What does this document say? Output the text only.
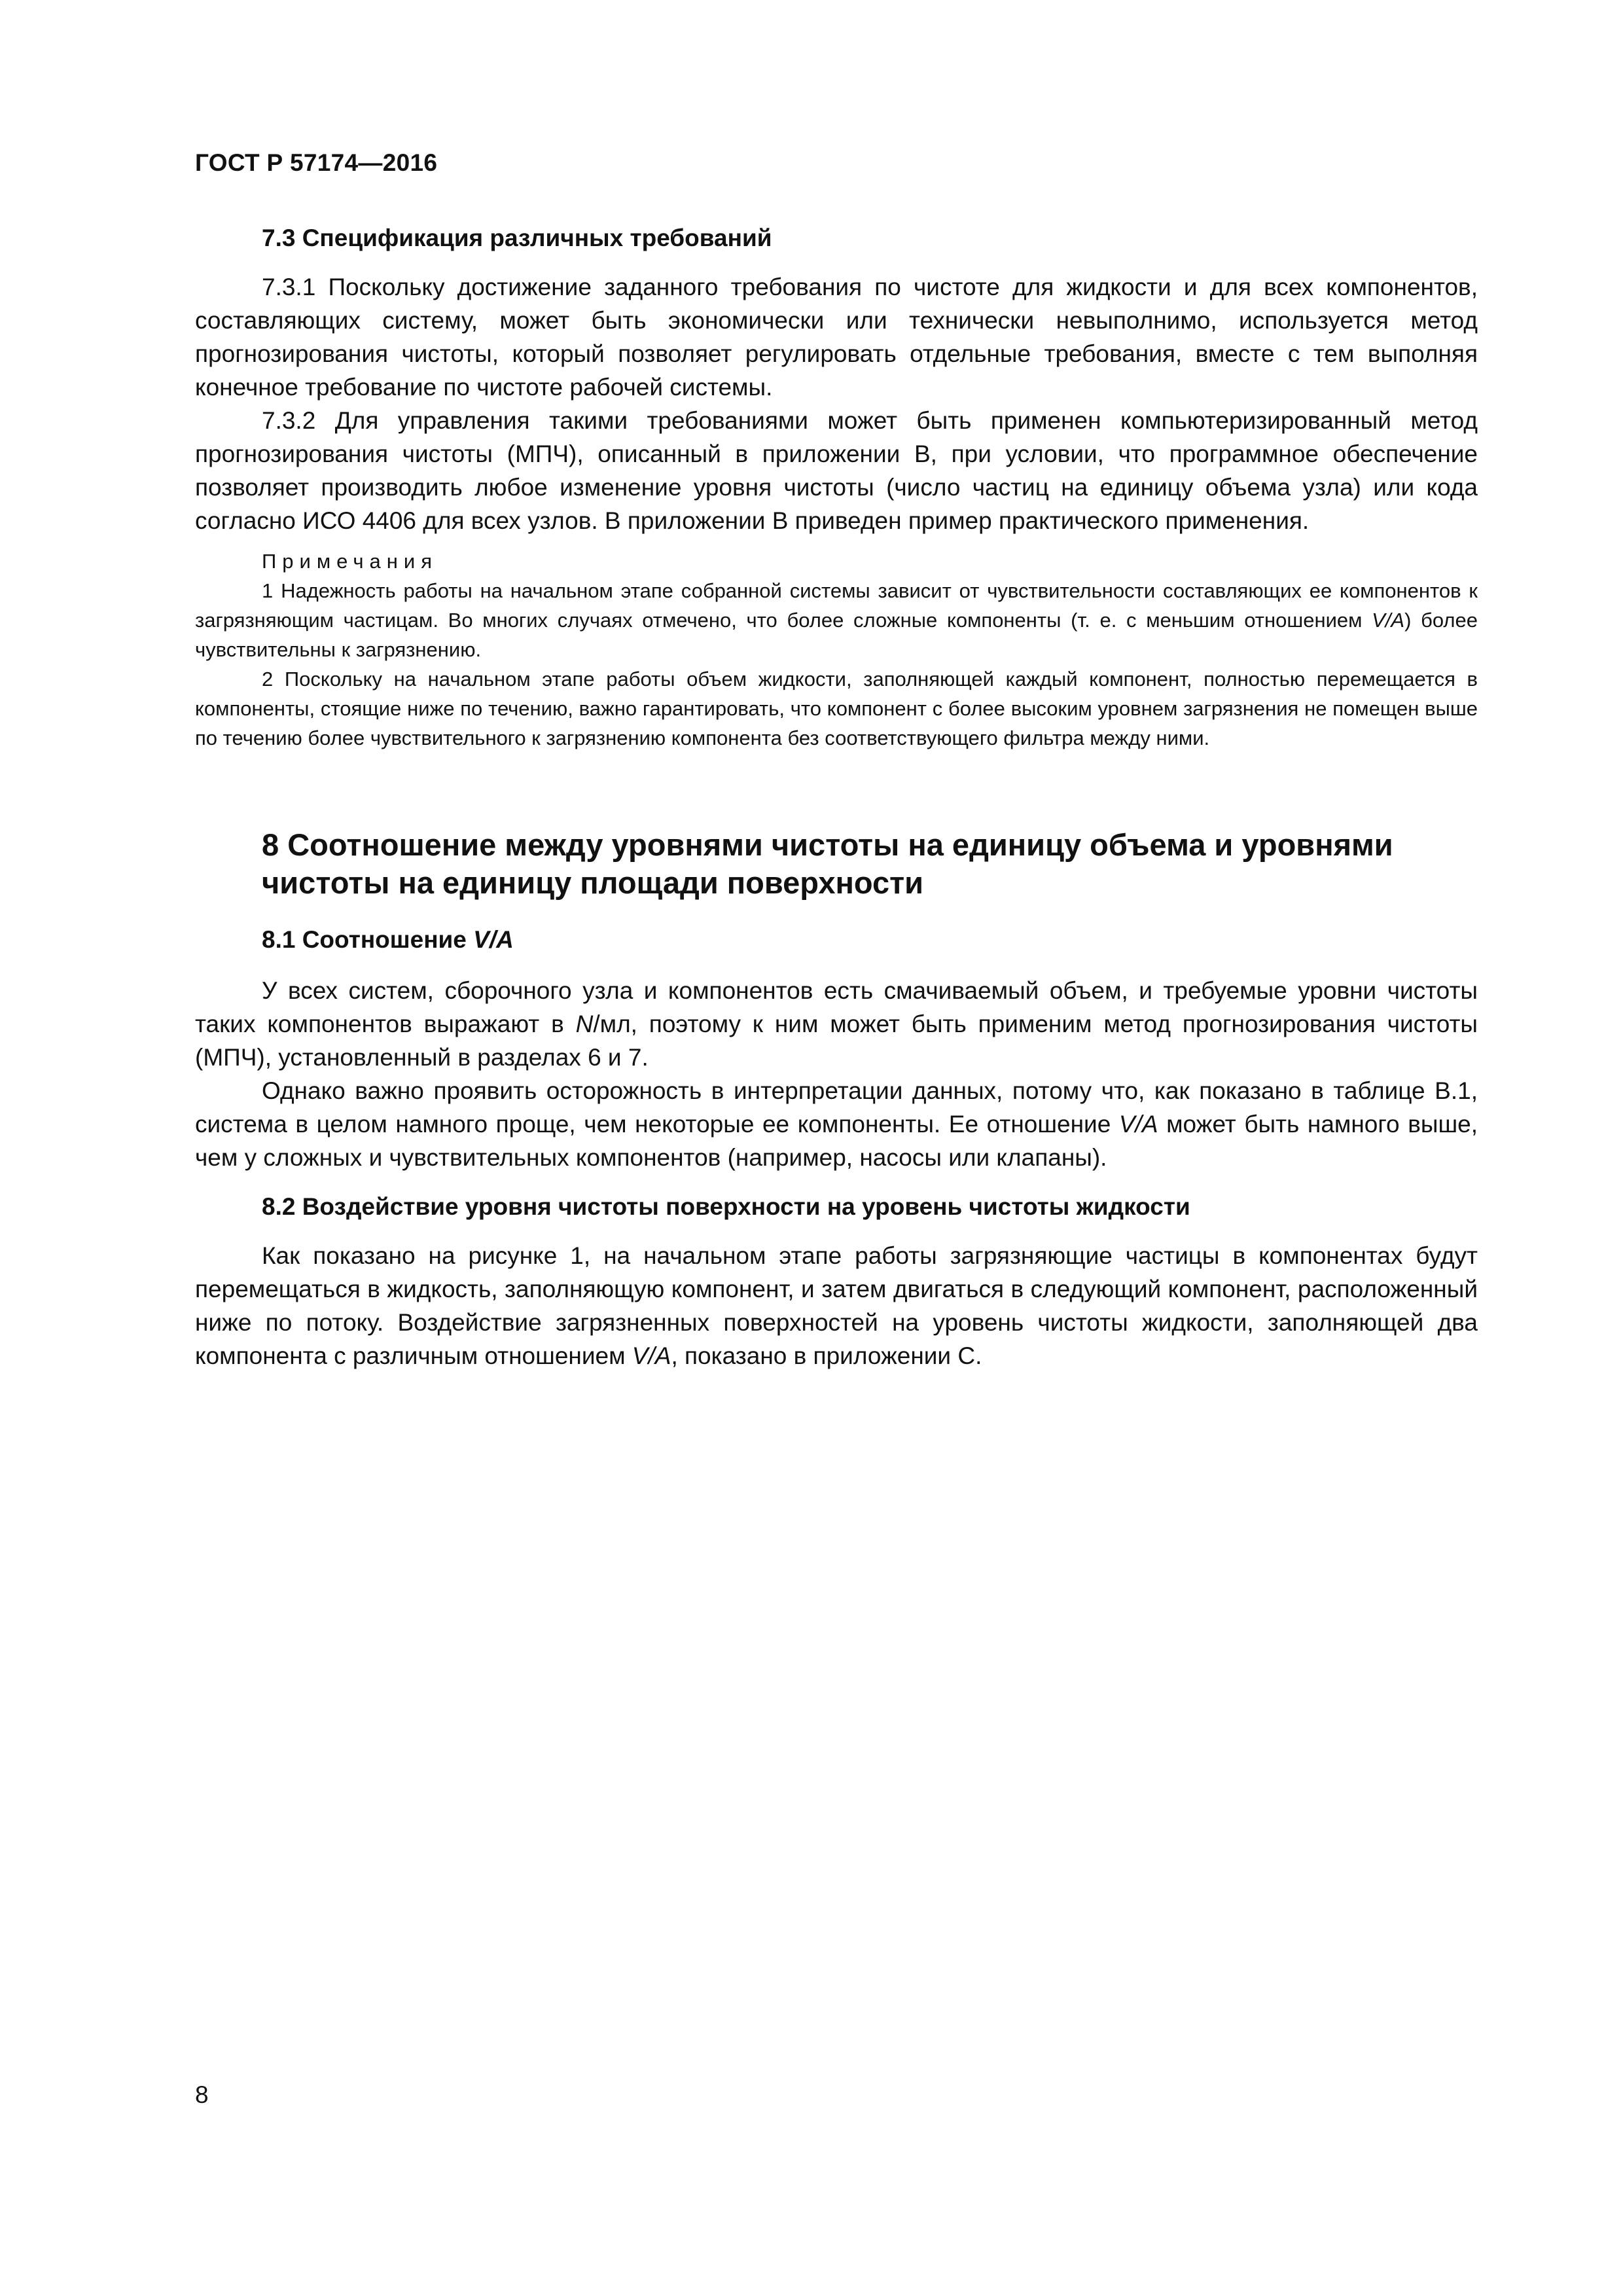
ГОСТ Р 57174—2016
7.3 Спецификация различных требований

7.3.1 Поскольку достижение заданного требования по чистоте для жидкости и для всех компонентов, составляющих систему, может быть экономически или технически невыполнимо, используется метод прогнозирования чистоты, который позволяет регулировать отдельные требования, вместе с тем выполняя конечное требование по чистоте рабочей системы.

7.3.2 Для управления такими требованиями может быть применен компьютеризированный метод прогнозирования чистоты (МПЧ), описанный в приложении В, при условии, что программное обеспечение позволяет производить любое изменение уровня чистоты (число частиц на единицу объема узла) или кода согласно ИСО 4406 для всех узлов. В приложении В приведен пример практического применения.

Примечания

1 Надежность работы на начальном этапе собранной системы зависит от чувствительности составляющих ее компонентов к загрязняющим частицам. Во многих случаях отмечено, что более сложные компоненты (т. е. с меньшим отношением V/A) более чувствительны к загрязнению.

2 Поскольку на начальном этапе работы объем жидкости, заполняющей каждый компонент, полностью перемещается в компоненты, стоящие ниже по течению, важно гарантировать, что компонент с более высоким уровнем загрязнения не помещен выше по течению более чувствительного к загрязнению компонента без соответствующего фильтра между ними.

8 Соотношение между уровнями чистоты на единицу объема и уровнями
чистоты на единицу площади поверхности
8.1 Соотношение V/A

У всех систем, сборочного узла и компонентов есть смачиваемый объем, и требуемые уровни чистоты таких компонентов выражают в N/мл, поэтому к ним может быть применим метод прогнозирования чистоты (МПЧ), установленный в разделах 6 и 7.

Однако важно проявить осторожность в интерпретации данных, потому что, как показано в таблице В.1, система в целом намного проще, чем некоторые ее компоненты. Ее отношение V/A может быть намного выше, чем у сложных и чувствительных компонентов (например, насосы или клапаны).

8.2 Воздействие уровня чистоты поверхности на уровень чистоты жидкости

Как показано на рисунке 1, на начальном этапе работы загрязняющие частицы в компонентах будут перемещаться в жидкость, заполняющую компонент, и затем двигаться в следующий компонент, расположенный ниже по потоку. Воздействие загрязненных поверхностей на уровень чистоты жидкости, заполняющей два компонента с различным отношением V/A, показано в приложении С.

8
